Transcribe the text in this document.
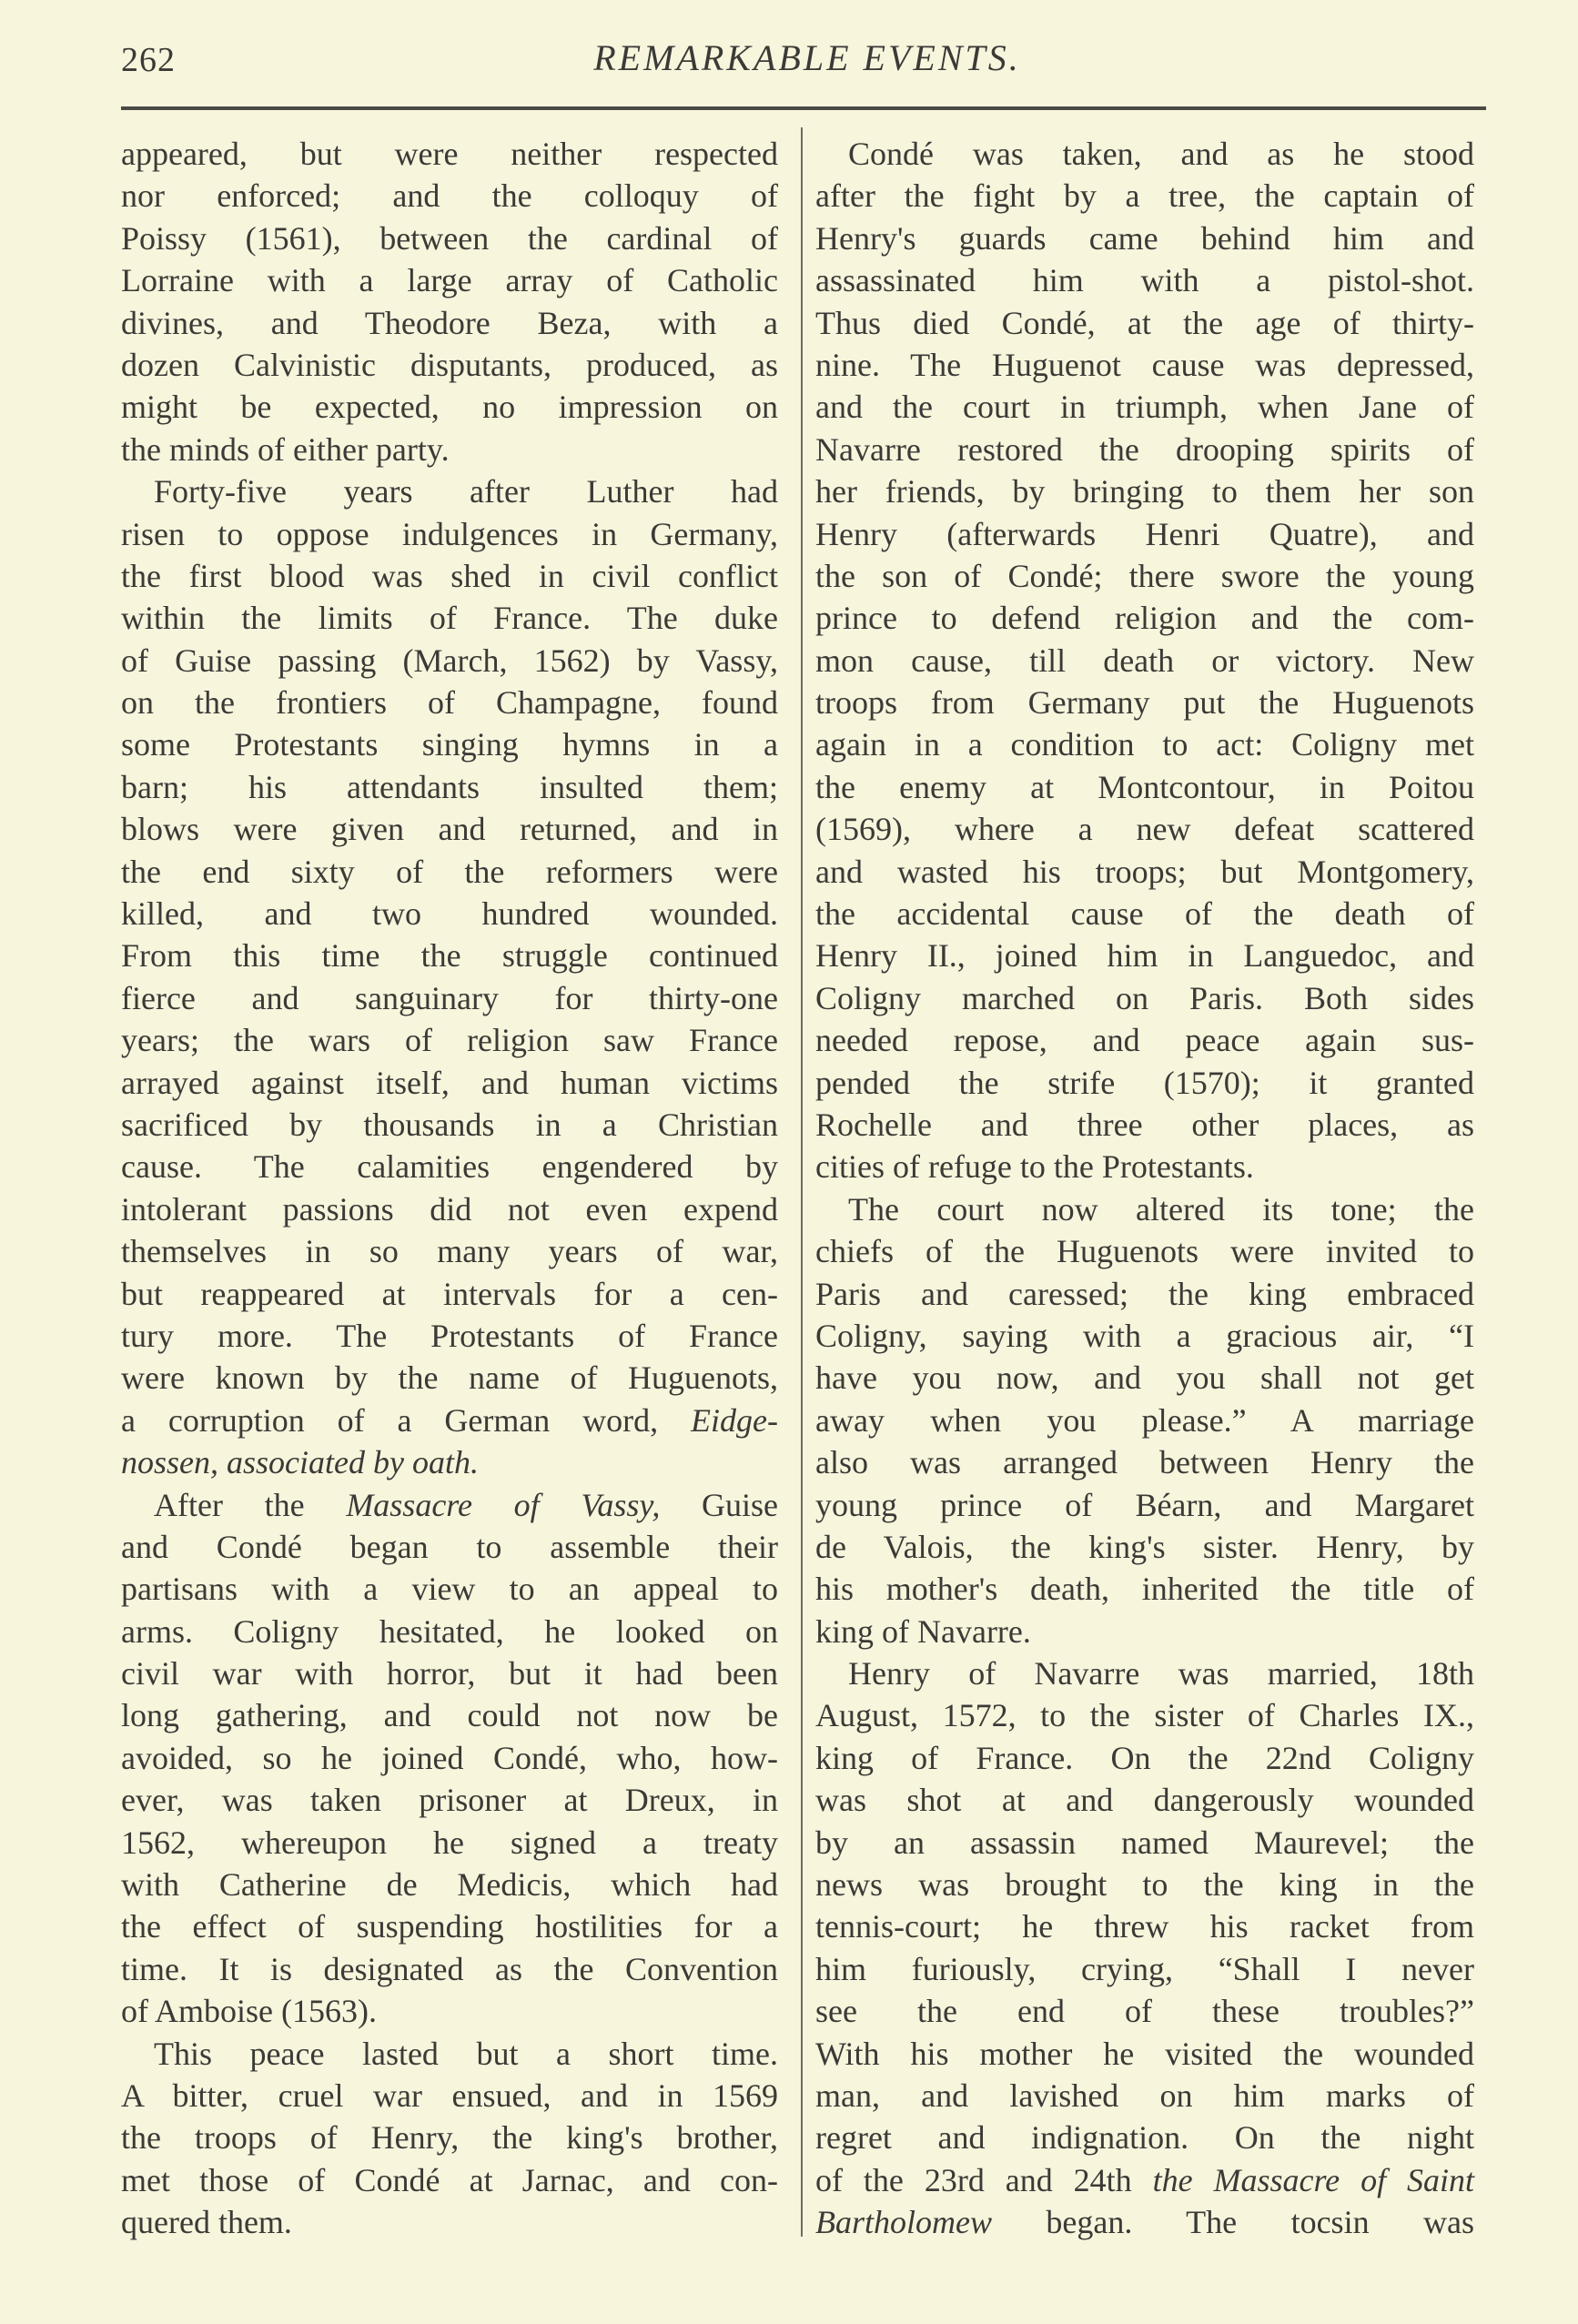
262	REMARKABLE EVENTS.
appeared, but were neither respected
nor enforced; and the colloquy of
Poissy (1561), between the cardinal of
Lorraine with a large array of Catholic
divines, and Theodore Beza, with a
dozen Calvinistic disputants, produced, as
might be expected, no impression on
the minds of either party.
Forty-five years after Luther had
risen to oppose indulgences in Germany,
the first blood was shed in civil conflict
within the limits of France. The duke
of Guise passing (March, 1562) by Vassy,
on the frontiers of Champagne, found
some Protestants singing hymns in a
barn; his attendants insulted them;
blows were given and returned, and in
the end sixty of the reformers were
killed, and two hundred wounded.
From this time the struggle continued
fierce and sanguinary for thirty-one
years; the wars of religion saw France
arrayed against itself, and human victims
sacrificed by thousands in a Christian
cause. The calamities engendered by
intolerant passions did not even expend
themselves in so many years of war,
but reappeared at intervals for a cen-
tury more. The Protestants of France
were known by the name of Huguenots,
a corruption of a German word, Eidge-
nossen, associated by oath.
After the Massacre of Vassy, Guise
and Condé began to assemble their
partisans with a view to an appeal to
arms. Coligny hesitated, he looked on
civil war with horror, but it had been
long gathering, and could not now be
avoided, so he joined Condé, who, how-
ever, was taken prisoner at Dreux, in
1562, whereupon he signed a treaty
with Catherine de Medicis, which had
the effect of suspending hostilities for a
time. It is designated as the Convention
of Amboise (1563).
This peace lasted but a short time.
A bitter, cruel war ensued, and in 1569
the troops of Henry, the king's brother,
met those of Condé at Jarnac, and con-
quered them.
Condé was taken, and as he stood
after the fight by a tree, the captain of
Henry's guards came behind him and
assassinated him with a pistol-shot.
Thus died Condé, at the age of thirty-
nine. The Huguenot cause was depressed,
and the court in triumph, when Jane of
Navarre restored the drooping spirits of
her friends, by bringing to them her son
Henry (afterwards Henri Quatre), and
the son of Condé; there swore the young
prince to defend religion and the com-
mon cause, till death or victory. New
troops from Germany put the Huguenots
again in a condition to act: Coligny met
the enemy at Montcontour, in Poitou
(1569), where a new defeat scattered
and wasted his troops; but Montgomery,
the accidental cause of the death of
Henry II., joined him in Languedoc, and
Coligny marched on Paris. Both sides
needed repose, and peace again sus-
pended the strife (1570); it granted
Rochelle and three other places, as
cities of refuge to the Protestants.
The court now altered its tone; the
chiefs of the Huguenots were invited to
Paris and caressed; the king embraced
Coligny, saying with a gracious air, “I
have you now, and you shall not get
away when you please.” A marriage
also was arranged between Henry the
young prince of Béarn, and Margaret
de Valois, the king's sister. Henry, by
his mother's death, inherited the title of
king of Navarre.
Henry of Navarre was married, 18th
August, 1572, to the sister of Charles IX.,
king of France. On the 22nd Coligny
was shot at and dangerously wounded
by an assassin named Maurevel; the
news was brought to the king in the
tennis-court; he threw his racket from
him furiously, crying, “Shall I never
see the end of these troubles?”
With his mother he visited the wounded
man, and lavished on him marks of
regret and indignation. On the night
of the 23rd and 24th the Massacre of Saint
Bartholomew began. The tocsin was
